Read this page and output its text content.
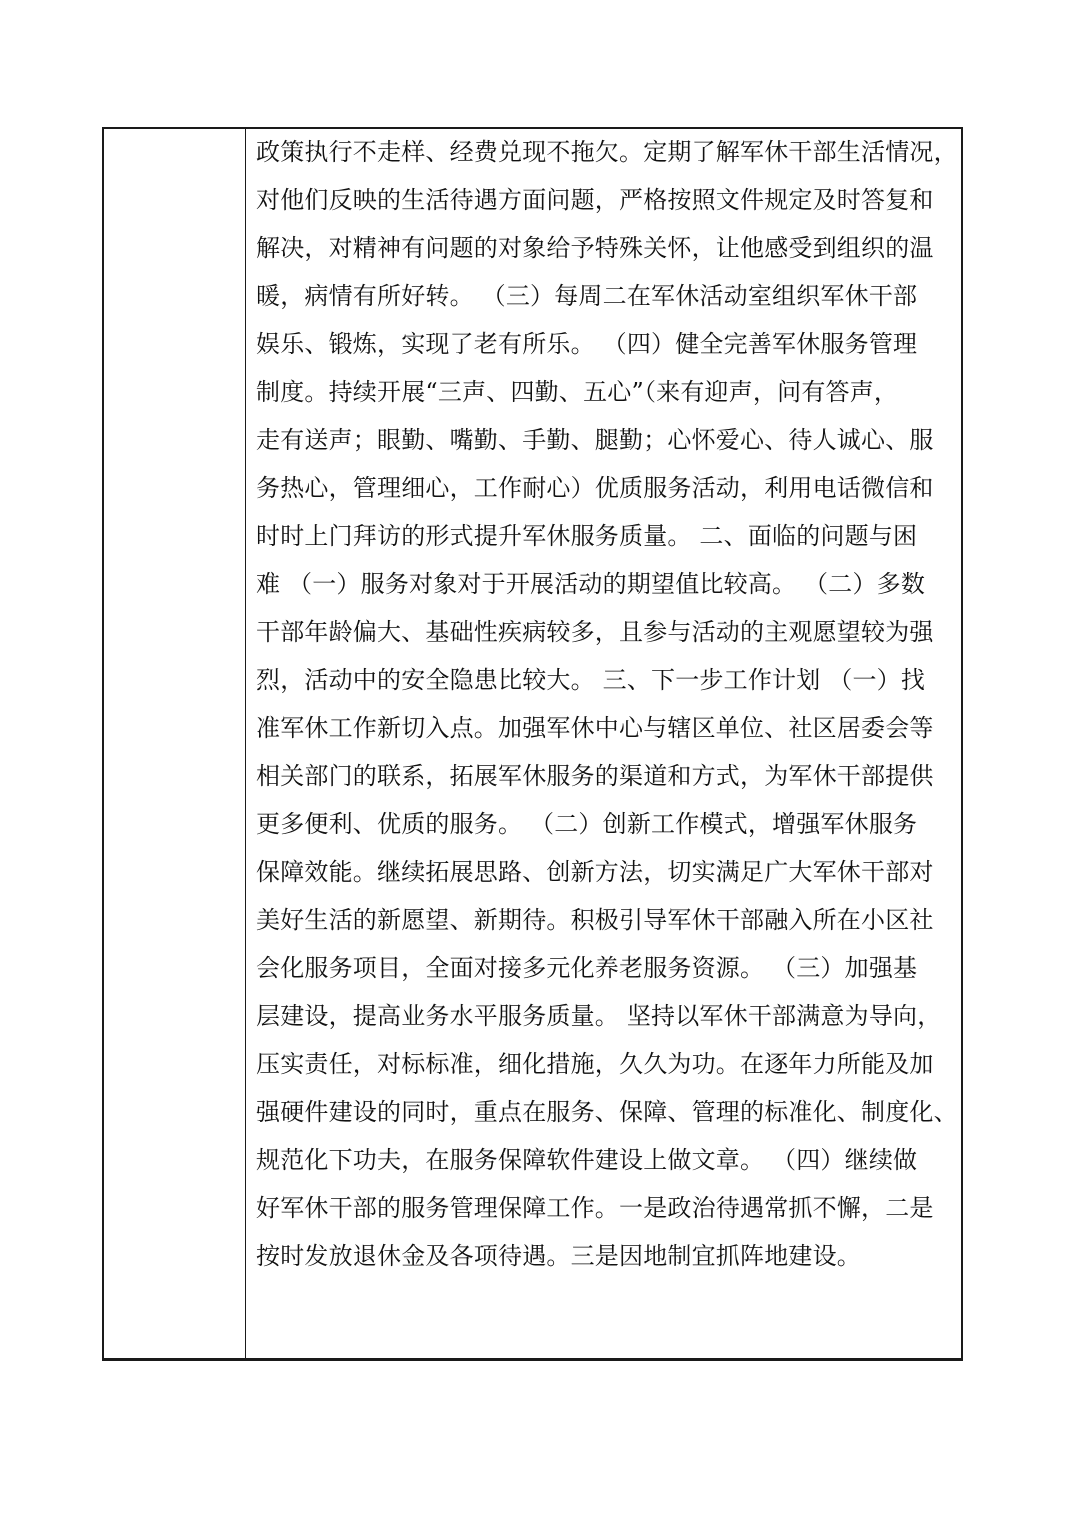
政策执行不走样、经费兑现不拖欠。定期了解军休干部生活情况，
对他们反映的生活待遇方面问题，严格按照文件规定及时答复和
解决，对精神有问题的对象给予特殊关怀，让他感受到组织的温
暖，病情有所好转。 （三）每周二在军休活动室组织军休干部
娱乐、锻炼，实现了老有所乐。 （四）健全完善军休服务管理
制度。持续开展“三声、四勤、五心”（来有迎声，问有答声，
走有送声；眼勤、嘴勤、手勤、腿勤；心怀爱心、待人诚心、服
务热心，管理细心，工作耐心）优质服务活动，利用电话微信和
时时上门拜访的形式提升军休服务质量。 二、面临的问题与困
难 （一）服务对象对于开展活动的期望值比较高。 （二）多数
干部年龄偏大、基础性疾病较多，且参与活动的主观愿望较为强
烈，活动中的安全隐患比较大。 三、下一步工作计划 （一）找
准军休工作新切入点。加强军休中心与辖区单位、社区居委会等
相关部门的联系，拓展军休服务的渠道和方式，为军休干部提供
更多便利、优质的服务。 （二）创新工作模式，增强军休服务
保障效能。继续拓展思路、创新方法，切实满足广大军休干部对
美好生活的新愿望、新期待。积极引导军休干部融入所在小区社
会化服务项目，全面对接多元化养老服务资源。 （三）加强基
层建设，提高业务水平服务质量。 坚持以军休干部满意为导向，
压实责任，对标标准，细化措施，久久为功。在逐年力所能及加
强硬件建设的同时，重点在服务、保障、管理的标准化、制度化、
规范化下功夫，在服务保障软件建设上做文章。 （四）继续做
好军休干部的服务管理保障工作。一是政治待遇常抓不懈，二是
按时发放退休金及各项待遇。三是因地制宜抓阵地建设。
